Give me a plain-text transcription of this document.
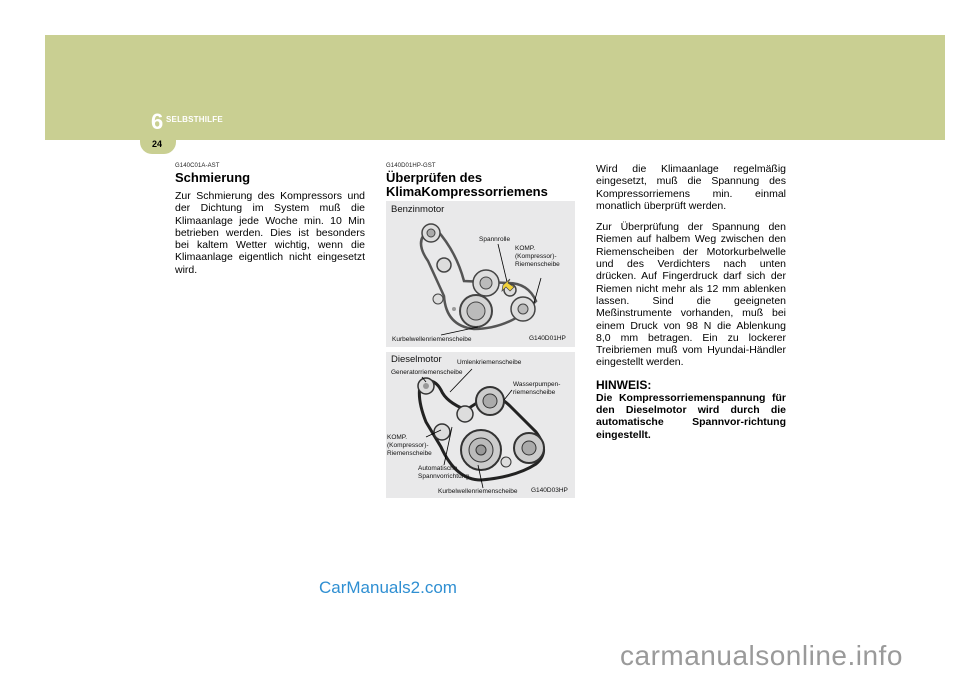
6 SELBSTHILFE
24
G140C01A-AST
Schmierung
Zur Schmierung des Kompressors und der Dichtung im System muß die Klimaanlage jede Woche min. 10 Min betrieben werden. Dies ist besonders bei kaltem Wetter wichtig, wenn die Klimaanlage eigentlich nicht eingesetzt wird.
G140D01HP-GST
Überprüfen des
KlimaKompressorriemens
Benzinmotor
Spannrolle
KOMP.
(Kompressor)-
Riemenscheibe
Kurbelwellenriemenscheibe	G140D01HP
Dieselmotor Umlenkriemenscheibe
Generatorriemenscheibe
Wasserpumpen-
riemenscheibe
KOMP.
(Kompressor)-
Riemenscheibe
Automatische
Spannvorrichtung
Kurbelwellenriemenscheibe G140D03HP

Wird die Klimaanlage regelmäßig eingesetzt, muß die Spannung des Kompressorriemens min. einmal monatlich überprüft werden.

Zur Überprüfung der Spannung den Riemen auf halbem Weg zwischen den Riemenscheiben der Motorkurbelwelle und des Verdichters nach unten drücken. Auf Fingerdruck darf sich der Riemen nicht mehr als 12 mm ablenken lassen. Sind die geeigneten Meßinstrumente vorhanden, muß bei einem Druck von 98 N die Ablenkung 8,0 mm betragen. Ein zu lockerer Treibriemen muß vom Hyundai-Händler eingestellt werden.

HINWEIS:
Die Kompressorriemenspannung für den Dieselmotor wird durch die automatische Spannvor-richtung eingestellt.
CarManuals2.com
carmanualsonline.info
